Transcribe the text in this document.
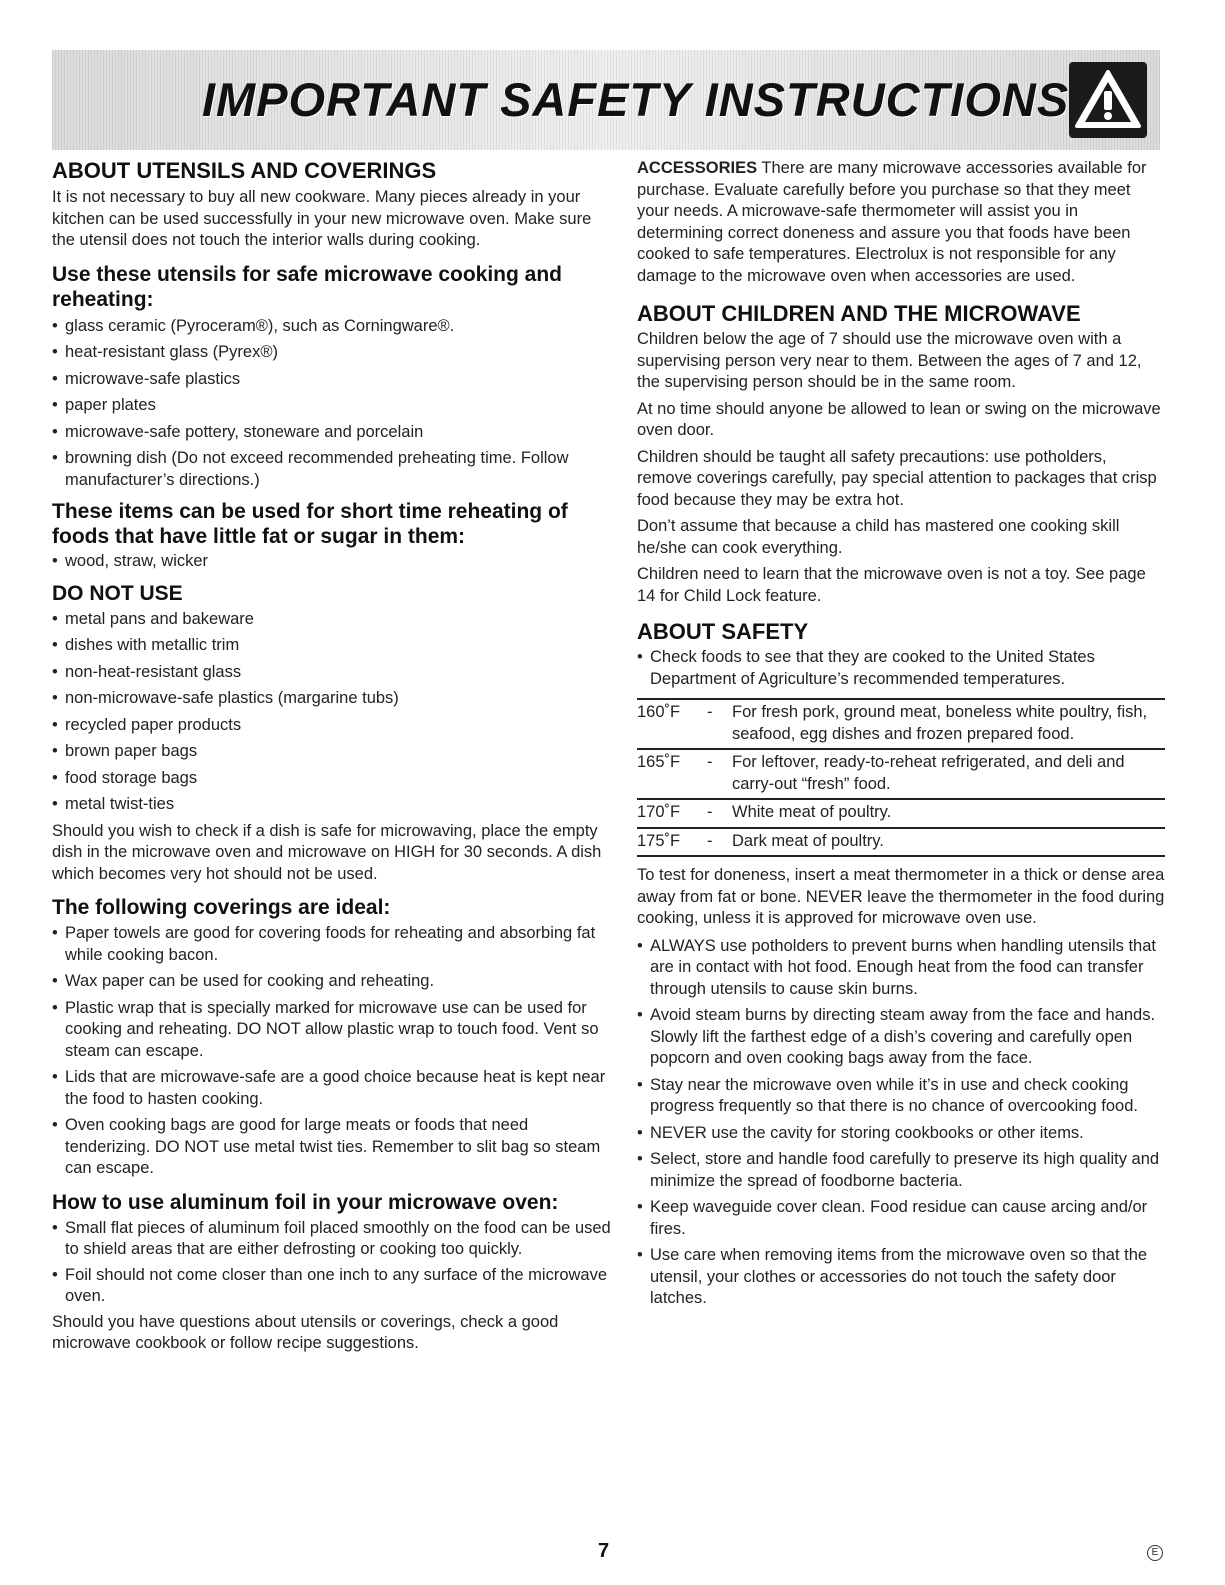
IMPORTANT SAFETY INSTRUCTIONS
ABOUT UTENSILS AND COVERINGS

It is not necessary to buy all new cookware. Many pieces already in your kitchen can be used successfully in your new microwave oven. Make sure the utensil does not touch the interior walls during cooking.

Use these utensils for safe microwave cooking and reheating:
• glass ceramic (Pyroceram®), such as Corningware®.
• heat-resistant glass (Pyrex®)
• microwave-safe plastics
• paper plates
• microwave-safe pottery, stoneware and porcelain
• browning dish (Do not exceed recommended preheating time. Follow manufacturer’s directions.)
These items can be used for short time reheating of foods that have little fat or sugar in them:
• wood, straw, wicker
DO NOT USE
• metal pans and bakeware
• dishes with metallic trim
• non-heat-resistant glass
• non-microwave-safe plastics (margarine tubs)
• recycled paper products
• brown paper bags
• food storage bags
• metal twist-ties

Should you wish to check if a dish is safe for microwaving, place the empty dish in the microwave oven and microwave on HIGH for 30 seconds. A dish which becomes very hot should not be used.

The following coverings are ideal:
• Paper towels are good for covering foods for reheating and absorbing fat while cooking bacon.
• Wax paper can be used for cooking and reheating.
• Plastic wrap that is specially marked for microwave use can be used for cooking and reheating. DO NOT allow plastic wrap to touch food. Vent so steam can escape.
• Lids that are microwave-safe are a good choice because heat is kept near the food to hasten cooking.
• Oven cooking bags are good for large meats or foods that need tenderizing. DO NOT use metal twist ties. Remember to slit bag so steam can escape.
How to use aluminum foil in your microwave oven:
• Small flat pieces of aluminum foil placed smoothly on the food can be used to shield areas that are either defrosting or cooking too quickly.
• Foil should not come closer than one inch to any surface of the microwave oven.

Should you have questions about utensils or coverings, check a good microwave cookbook or follow recipe suggestions.

ACCESSORIES There are many microwave accessories available for purchase. Evaluate carefully before you purchase so that they meet your needs. A microwave-safe thermometer will assist you in determining correct doneness and assure you that foods have been cooked to safe temperatures. Electrolux is not responsible for any damage to the microwave oven when accessories are used.

ABOUT CHILDREN AND THE MICROWAVE

Children below the age of 7 should use the microwave oven with a supervising person very near to them. Between the ages of 7 and 12, the supervising person should be in the same room.

At no time should anyone be allowed to lean or swing on the microwave oven door.

Children should be taught all safety precautions: use potholders, remove coverings carefully, pay special attention to packages that crisp food because they may be extra hot.

Don’t assume that because a child has mastered one cooking skill he/she can cook everything.

Children need to learn that the microwave oven is not a toy. See page 14 for Child Lock feature.

ABOUT SAFETY
• Check foods to see that they are cooked to the United States Department of Agriculture’s recommended temperatures.
160˚F	-	For fresh pork, ground meat, boneless white poultry, fish, seafood, egg dishes and frozen prepared food.
165˚F	-	For leftover, ready-to-reheat refrigerated, and deli and carry-out “fresh” food.
170˚F	-	White meat of poultry.
175˚F	-	Dark meat of poultry.

To test for doneness, insert a meat thermometer in a thick or dense area away from fat or bone. NEVER leave the thermometer in the food during cooking, unless it is approved for microwave oven use.

• ALWAYS use potholders to prevent burns when handling utensils that are in contact with hot food. Enough heat from the food can transfer through utensils to cause skin burns.
• Avoid steam burns by directing steam away from the face and hands. Slowly lift the farthest edge of a dish’s covering and carefully open popcorn and oven cooking bags away from the face.
• Stay near the microwave oven while it’s in use and check cooking progress frequently so that there is no chance of overcooking food.
• NEVER use the cavity for storing cookbooks or other items.
• Select, store and handle food carefully to preserve its high quality and minimize the spread of foodborne bacteria.
• Keep waveguide cover clean. Food residue can cause arcing and/or fires.
• Use care when removing items from the microwave oven so that the utensil, your clothes or accessories do not touch the safety door latches.
7	E
